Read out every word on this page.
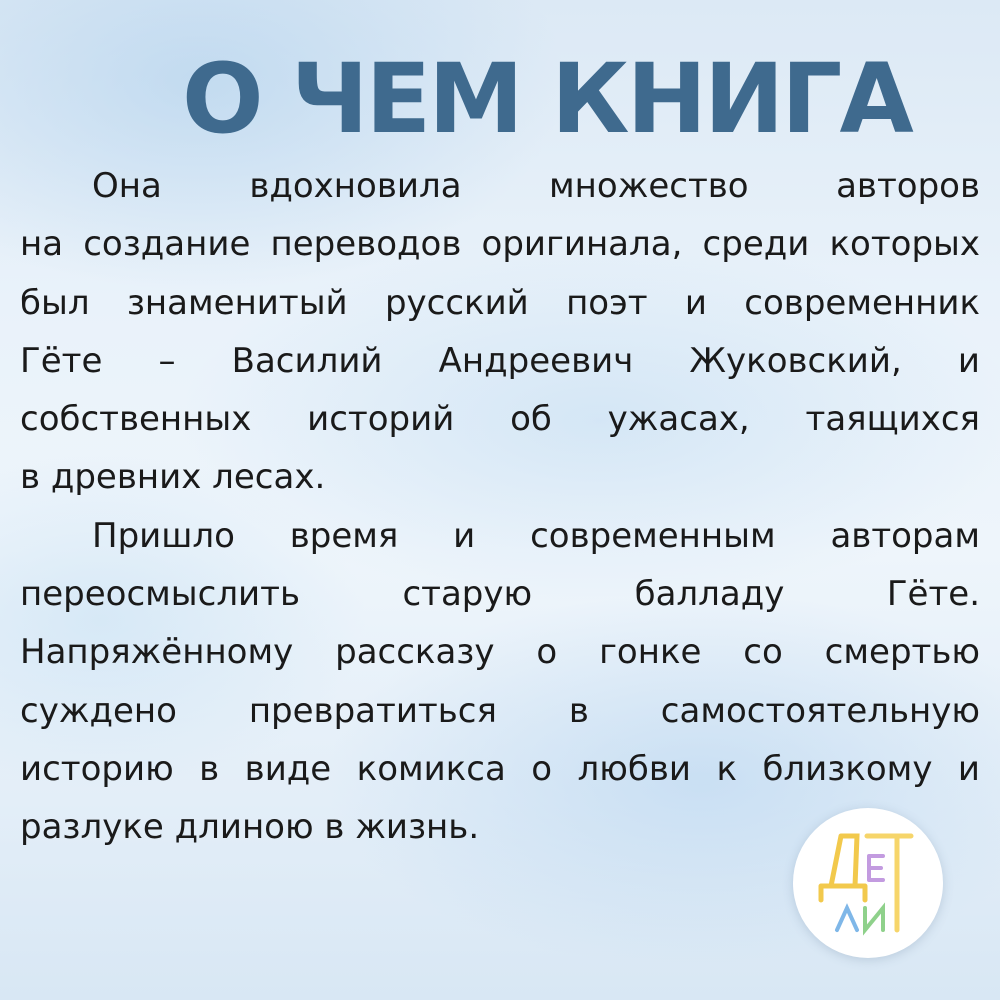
О ЧЕМ КНИГА
Она вдохновила множество авторов
на создание переводов оригинала, среди которых
был знаменитый русский поэт и современник
Гёте – Василий Андреевич Жуковский, и
собственных историй об ужасах, таящихся
в древних лесах.
Пришло время и современным авторам
переосмыслить старую балладу Гёте.
Напряжённому рассказу о гонке со смертью
суждено превратиться в самостоятельную
историю в виде комикса о любви к близкому и
разлуке длиною в жизнь.
